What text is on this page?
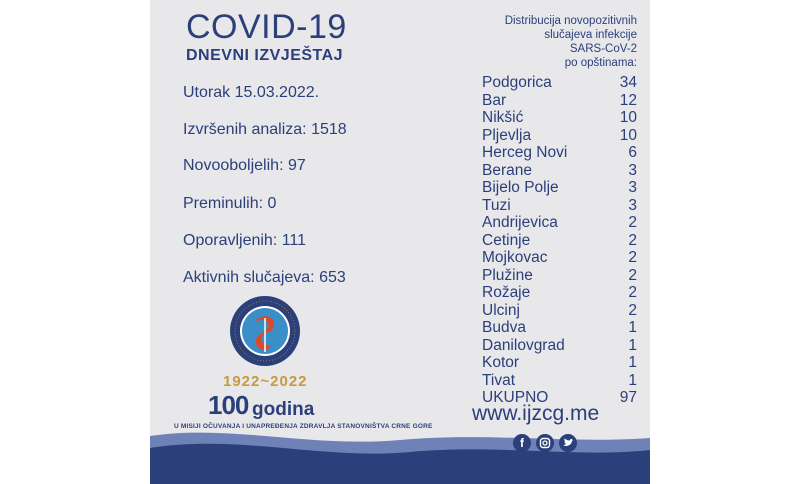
COVID-19
DNEVNI IZVJEŠTAJ
Utorak 15.03.2022.
Izvršenih analiza: 1518
Novooboljelih: 97
Preminulih: 0
Oporavljenih: 111
Aktivnih slučajeva: 653
Distribucija novopozitivnih
slučajeva infekcije
SARS-CoV-2
po opštinama:
Podgorica	34
Bar	12
Nikšić	10
Pljevlja	10
Herceg Novi	6
Berane	3
Bijelo Polje	3
Tuzi	3
Andrijevica	2
Cetinje	2
Mojkovac	2
Plužine	2
Rožaje	2
Ulcinj	2
Budva	1
Danilovgrad	1
Kotor	1
Tivat	1
UKUPNO	97
1922~2022
100 godina
U MISIJI OČUVANJA I UNAPREĐENJA ZDRAVLJA STANOVNIŠTVA CRNE GORE
www.ijzcg.me
f
